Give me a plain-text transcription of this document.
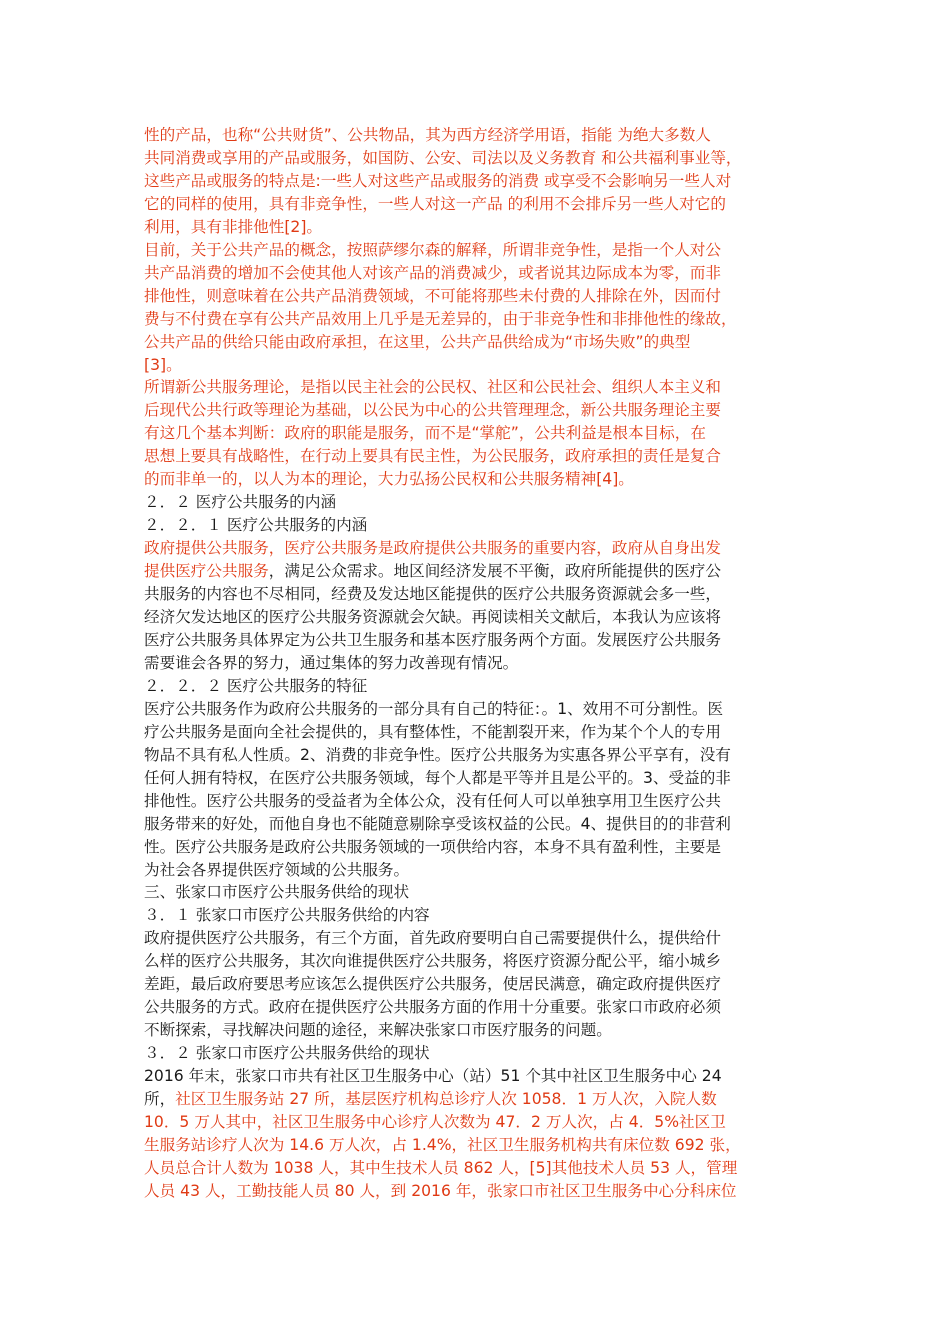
性的产品，也称“公共财货”、公共物品，其为西方经济学用语，指能 为绝大多数人
共同消费或享用的产品或服务，如国防、公安、司法以及义务教育 和公共福利事业等，
这些产品或服务的特点是:一些人对这些产品或服务的消费 或享受不会影响另一些人对
它的同样的使用，具有非竞争性，一些人对这一产品 的利用不会排斥另一些人对它的
利用，具有非排他性[2]。
目前，关于公共产品的概念，按照萨缪尔森的解释，所谓非竞争性，是指一个人对公
共产品消费的增加不会使其他人对该产品的消费减少，或者说其边际成本为零，而非
排他性，则意味着在公共产品消费领域，不可能将那些未付费的人排除在外，因而付
费与不付费在享有公共产品效用上几乎是无差异的，由于非竞争性和非排他性的缘故，
公共产品的供给只能由政府承担，在这里，公共产品供给成为“市场失败”的典型
[3]。
所谓新公共服务理论，是指以民主社会的公民权、社区和公民社会、组织人本主义和
后现代公共行政等理论为基础，以公民为中心的公共管理理念，新公共服务理论主要
有这几个基本判断：政府的职能是服务，而不是“掌舵”，公共利益是根本目标，在
思想上要具有战略性，在行动上要具有民主性，为公民服务，政府承担的责任是复合
的而非单一的，以人为本的理论，大力弘扬公民权和公共服务精神[4]。
２．２ 医疗公共服务的内涵
２．２．１ 医疗公共服务的内涵
政府提供公共服务，医疗公共服务是政府提供公共服务的重要内容，政府从自身出发
提供医疗公共服务，满足公众需求。地区间经济发展不平衡，政府所能提供的医疗公
共服务的内容也不尽相同，经费及发达地区能提供的医疗公共服务资源就会多一些，
经济欠发达地区的医疗公共服务资源就会欠缺。再阅读相关文献后，本我认为应该将
医疗公共服务具体界定为公共卫生服务和基本医疗服务两个方面。发展医疗公共服务
需要谁会各界的努力，通过集体的努力改善现有情况。
２．２．２ 医疗公共服务的特征
医疗公共服务作为政府公共服务的一部分具有自己的特征：。1、效用不可分割性。医
疗公共服务是面向全社会提供的，具有整体性，不能割裂开来，作为某个个人的专用
物品不具有私人性质。2、消费的非竞争性。医疗公共服务为实惠各界公平享有，没有
任何人拥有特权，在医疗公共服务领域，每个人都是平等并且是公平的。3、受益的非
排他性。医疗公共服务的受益者为全体公众，没有任何人可以单独享用卫生医疗公共
服务带来的好处，而他自身也不能随意剔除享受该权益的公民。4、提供目的的非营利
性。医疗公共服务是政府公共服务领域的一项供给内容，本身不具有盈利性，主要是
为社会各界提供医疗领域的公共服务。
三、张家口市医疗公共服务供给的现状
３．１ 张家口市医疗公共服务供给的内容
政府提供医疗公共服务，有三个方面，首先政府要明白自己需要提供什么，提供给什
么样的医疗公共服务，其次向谁提供医疗公共服务，将医疗资源分配公平，缩小城乡
差距，最后政府要思考应该怎么提供医疗公共服务，使居民满意，确定政府提供医疗
公共服务的方式。政府在提供医疗公共服务方面的作用十分重要。张家口市政府必须
不断探索，寻找解决问题的途径，来解决张家口市医疗服务的问题。
３．２ 张家口市医疗公共服务供给的现状
2016 年末，张家口市共有社区卫生服务中心（站）51 个其中社区卫生服务中心 24
所，社区卫生服务站 27 所，基层医疗机构总诊疗人次 1058．1 万人次，入院人数
10．5 万人其中，社区卫生服务中心诊疗人次数为 47．2 万人次，占 4．5%社区卫
生服务站诊疗人次为 14.6 万人次，占 1.4%，社区卫生服务机构共有床位数 692 张，
人员总合计人数为 1038 人，其中生技术人员 862 人，[5]其他技术人员 53 人，管理
人员 43 人，工勤技能人员 80 人，到 2016 年，张家口市社区卫生服务中心分科床位
